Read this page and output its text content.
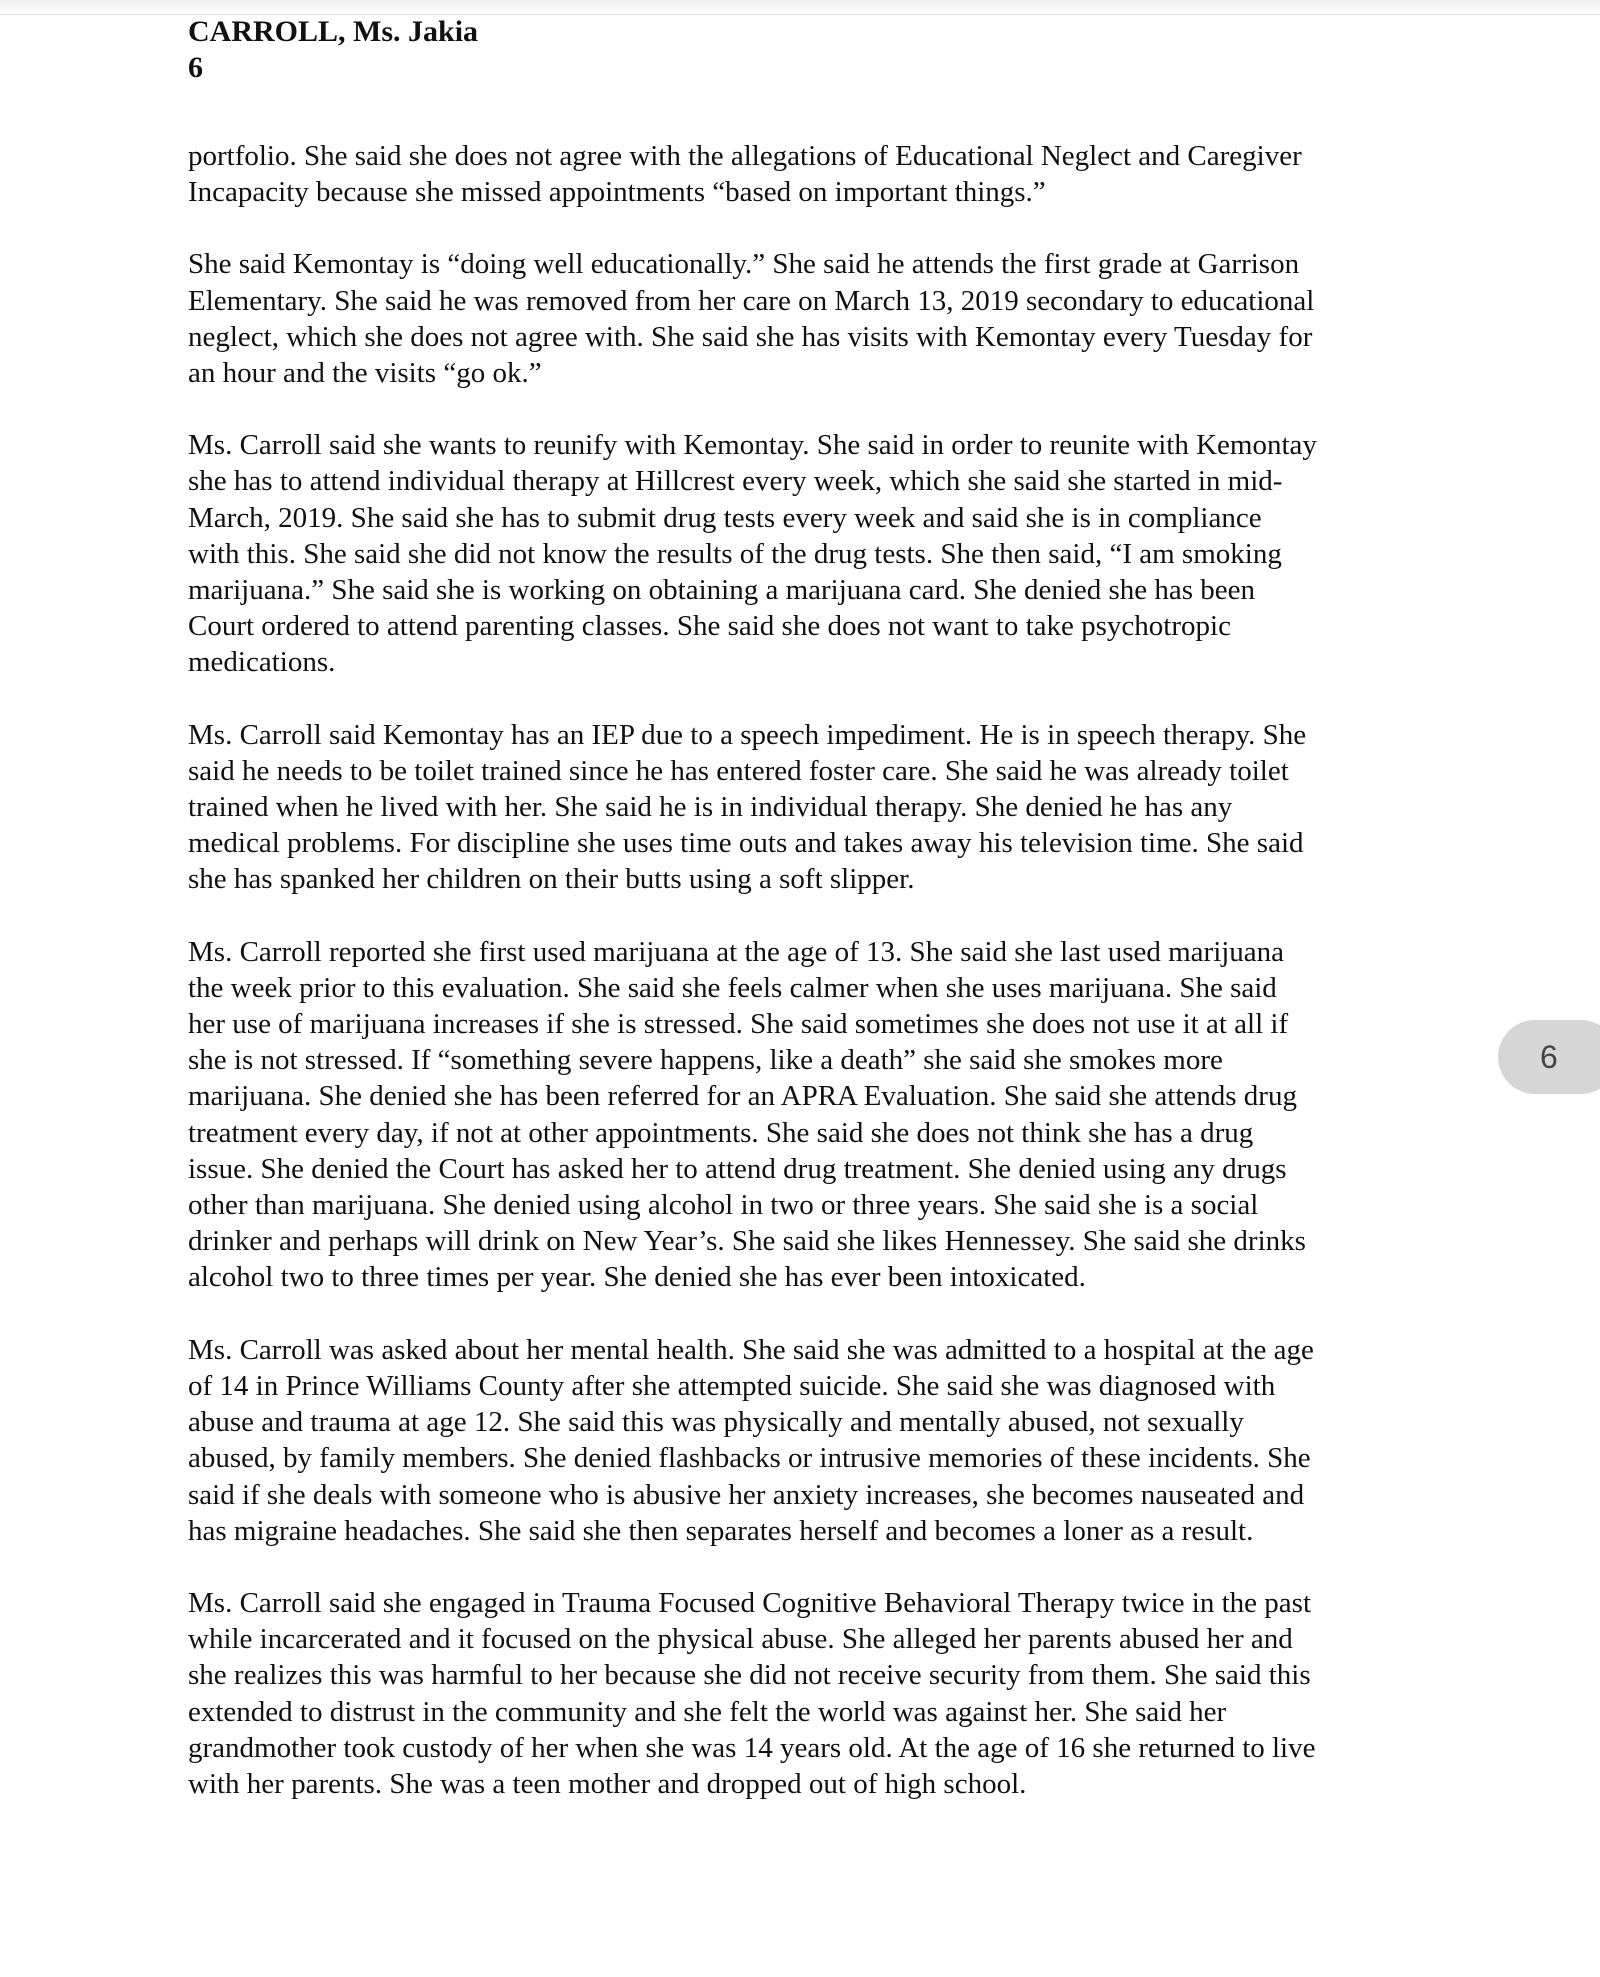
CARROLL, Ms. Jakia
6

portfolio. She said she does not agree with the allegations of Educational Neglect and Caregiver
Incapacity because she missed appointments “based on important things.”

She said Kemontay is “doing well educationally.” She said he attends the first grade at Garrison
Elementary. She said he was removed from her care on March 13, 2019 secondary to educational
neglect, which she does not agree with. She said she has visits with Kemontay every Tuesday for
an hour and the visits “go ok.”

Ms. Carroll said she wants to reunify with Kemontay. She said in order to reunite with Kemontay
she has to attend individual therapy at Hillcrest every week, which she said she started in mid-
March, 2019. She said she has to submit drug tests every week and said she is in compliance
with this. She said she did not know the results of the drug tests. She then said, “I am smoking
marijuana.” She said she is working on obtaining a marijuana card. She denied she has been
Court ordered to attend parenting classes. She said she does not want to take psychotropic
medications.

Ms. Carroll said Kemontay has an IEP due to a speech impediment. He is in speech therapy. She
said he needs to be toilet trained since he has entered foster care. She said he was already toilet
trained when he lived with her. She said he is in individual therapy. She denied he has any
medical problems. For discipline she uses time outs and takes away his television time. She said
she has spanked her children on their butts using a soft slipper.

Ms. Carroll reported she first used marijuana at the age of 13. She said she last used marijuana
the week prior to this evaluation. She said she feels calmer when she uses marijuana. She said
her use of marijuana increases if she is stressed. She said sometimes she does not use it at all if
she is not stressed. If “something severe happens, like a death” she said she smokes more
marijuana. She denied she has been referred for an APRA Evaluation. She said she attends drug
treatment every day, if not at other appointments. She said she does not think she has a drug
issue. She denied the Court has asked her to attend drug treatment. She denied using any drugs
other than marijuana. She denied using alcohol in two or three years. She said she is a social
drinker and perhaps will drink on New Year’s. She said she likes Hennessey. She said she drinks
alcohol two to three times per year. She denied she has ever been intoxicated.

Ms. Carroll was asked about her mental health. She said she was admitted to a hospital at the age
of 14 in Prince Williams County after she attempted suicide. She said she was diagnosed with
abuse and trauma at age 12. She said this was physically and mentally abused, not sexually
abused, by family members. She denied flashbacks or intrusive memories of these incidents. She
said if she deals with someone who is abusive her anxiety increases, she becomes nauseated and
has migraine headaches. She said she then separates herself and becomes a loner as a result.

Ms. Carroll said she engaged in Trauma Focused Cognitive Behavioral Therapy twice in the past
while incarcerated and it focused on the physical abuse. She alleged her parents abused her and
she realizes this was harmful to her because she did not receive security from them. She said this
extended to distrust in the community and she felt the world was against her. She said her
grandmother took custody of her when she was 14 years old. At the age of 16 she returned to live
with her parents. She was a teen mother and dropped out of high school.

6
